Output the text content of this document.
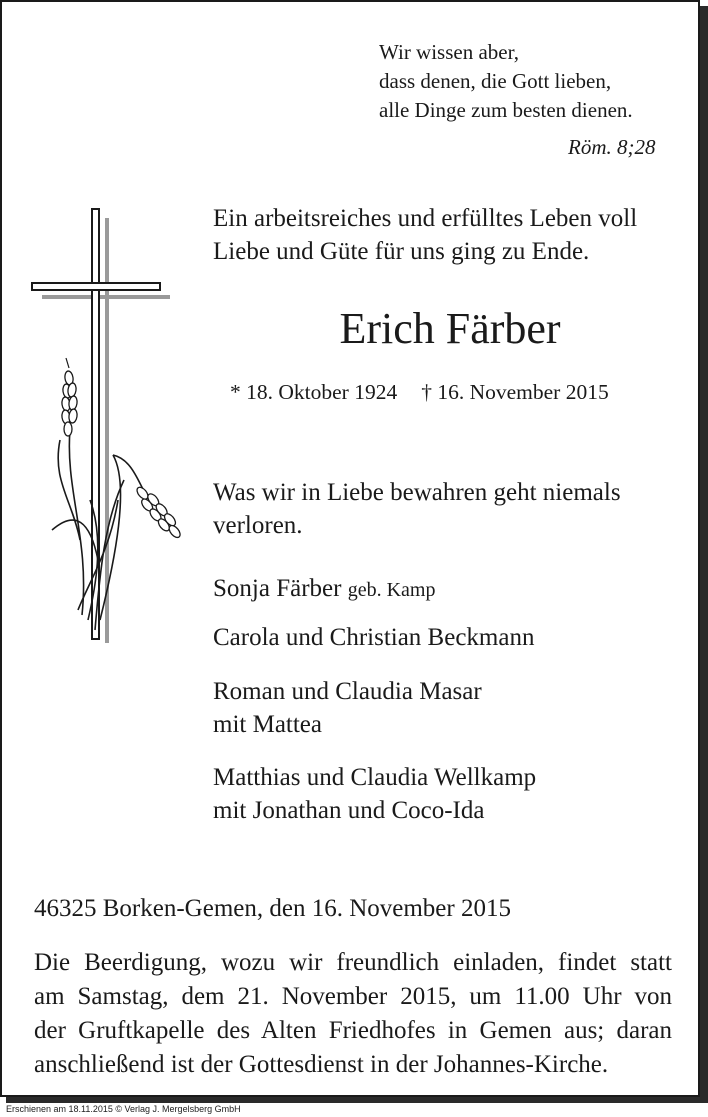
Wir wissen aber,
dass denen, die Gott lieben,
alle Dinge zum besten dienen.
Röm. 8;28
Ein arbeitsreiches und erfülltes Leben voll
Liebe und Güte für uns ging zu Ende.
Erich Färber
* 18. Oktober 1924 † 16. November 2015
Was wir in Liebe bewahren geht niemals
verloren.
Sonja Färber geb. Kamp
Carola und Christian Beckmann
Roman und Claudia Masar
mit Mattea
Matthias und Claudia Wellkamp
mit Jonathan und Coco-Ida
46325 Borken-Gemen, den 16. November 2015
Die Beerdigung, wozu wir freundlich einladen, findet statt
am Samstag, dem 21. November 2015, um 11.00 Uhr von
der Gruftkapelle des Alten Friedhofes in Gemen aus; daran
anschließend ist der Gottesdienst in der Johannes-Kirche.
Erschienen am 18.11.2015 © Verlag J. Mergelsberg GmbH
